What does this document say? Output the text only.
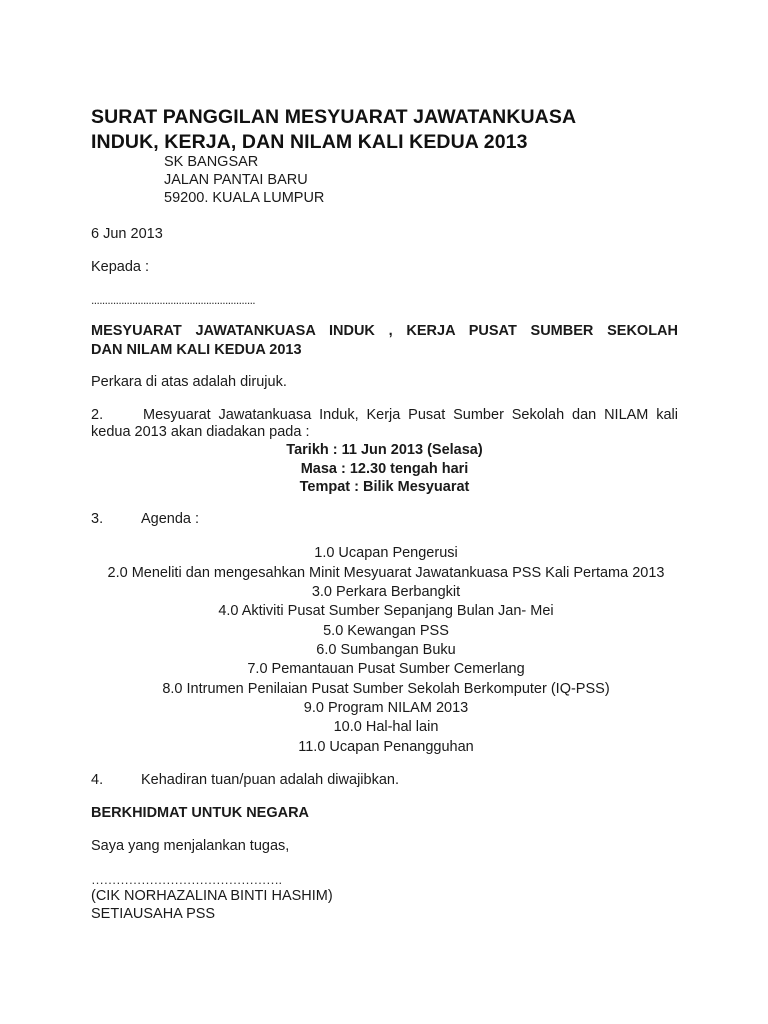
SURAT PANGGILAN MESYUARAT JAWATANKUASA
INDUK, KERJA, DAN NILAM KALI KEDUA 2013
SK BANGSAR
JALAN PANTAI BARU
59200. KUALA LUMPUR
6 Jun 2013
Kepada :
............................................................
MESYUARAT JAWATANKUASA INDUK , KERJA PUSAT SUMBER SEKOLAH
DAN NILAM KALI KEDUA 2013
Perkara di atas adalah dirujuk.
2.	Mesyuarat Jawatankuasa Induk, Kerja Pusat Sumber Sekolah dan NILAM kali
kedua 2013 akan diadakan pada :
Tarikh : 11 Jun 2013 (Selasa)
Masa : 12.30 tengah hari
Tempat : Bilik Mesyuarat
3.	Agenda :
1.0 Ucapan Pengerusi
2.0 Meneliti dan mengesahkan Minit Mesyuarat Jawatankuasa PSS Kali Pertama 2013
3.0 Perkara Berbangkit
4.0 Aktiviti Pusat Sumber Sepanjang Bulan Jan- Mei
5.0 Kewangan PSS
6.0 Sumbangan Buku
7.0 Pemantauan Pusat Sumber Cemerlang
8.0 Intrumen Penilaian Pusat Sumber Sekolah Berkomputer (IQ-PSS)
9.0 Program NILAM 2013
10.0 Hal-hal lain
11.0 Ucapan Penangguhan
4.	Kehadiran tuan/puan adalah diwajibkan.
BERKHIDMAT UNTUK NEGARA
Saya yang menjalankan tugas,
……………………………………….
(CIK NORHAZALINA BINTI HASHIM)
SETIAUSAHA PSS
